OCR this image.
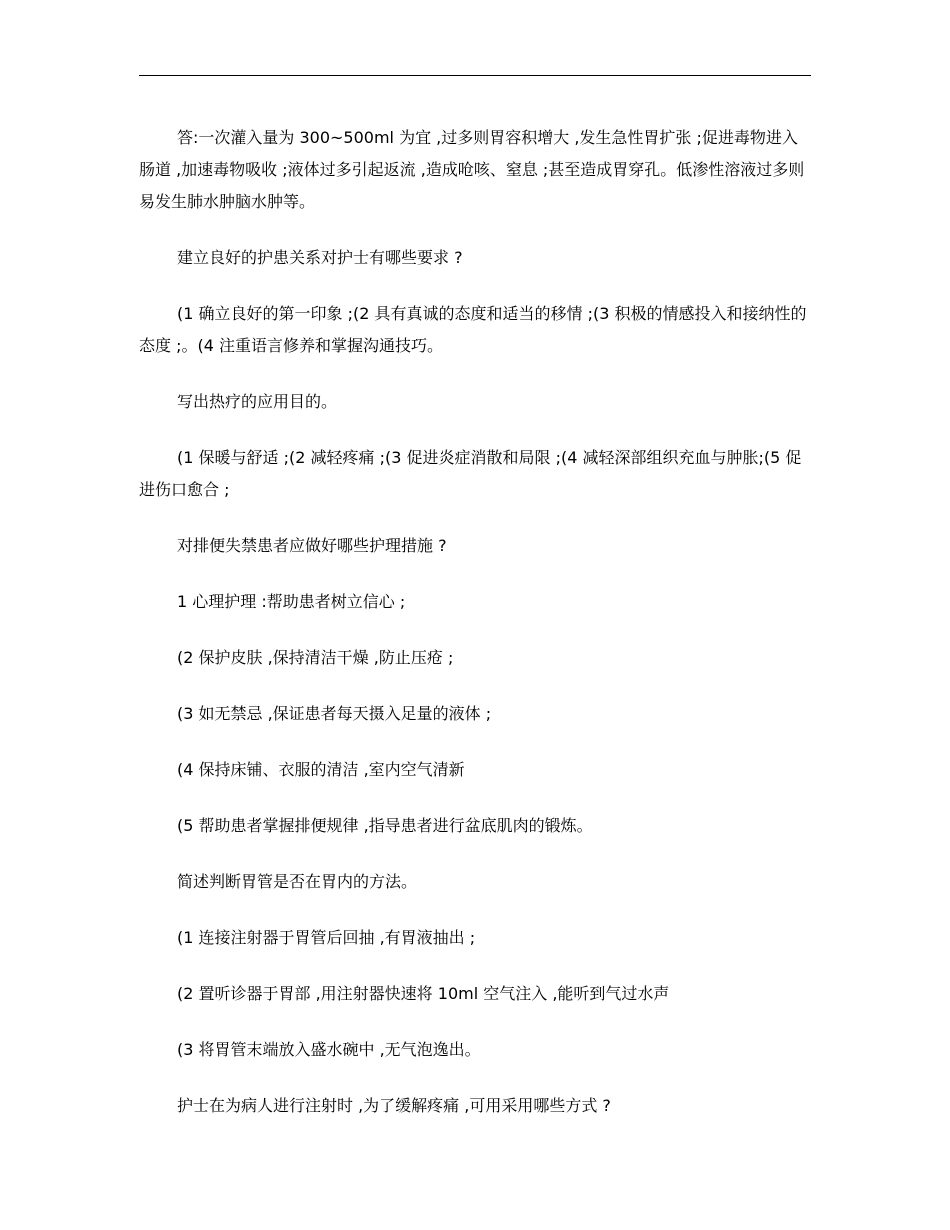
答:一次灌入量为 300~500ml 为宜 ,过多则胃容积增大 ,发生急性胃扩张 ;促进毒物进入肠道 ,加速毒物吸收 ;液体过多引起返流 ,造成呛咳、窒息 ;甚至造成胃穿孔。低渗性溶液过多则易发生肺水肿脑水肿等。

建立良好的护患关系对护士有哪些要求 ?

(1 确立良好的第一印象 ;(2 具有真诚的态度和适当的移情 ;(3 积极的情感投入和接纳性的态度 ;。(4 注重语言修养和掌握沟通技巧。

写出热疗的应用目的。

(1 保暖与舒适 ;(2 减轻疼痛 ;(3 促进炎症消散和局限 ;(4 减轻深部组织充血与肿胀;(5 促进伤口愈合 ;

对排便失禁患者应做好哪些护理措施 ?

1 心理护理 :帮助患者树立信心 ;

(2 保护皮肤 ,保持清洁干燥 ,防止压疮 ;

(3 如无禁忌 ,保证患者每天摄入足量的液体 ;

(4 保持床铺、衣服的清洁 ,室内空气清新

(5 帮助患者掌握排便规律 ,指导患者进行盆底肌肉的锻炼。

简述判断胃管是否在胃内的方法。

(1 连接注射器于胃管后回抽 ,有胃液抽出 ;

(2 置听诊器于胃部 ,用注射器快速将 10ml 空气注入 ,能听到气过水声

(3 将胃管末端放入盛水碗中 ,无气泡逸出。

护士在为病人进行注射时 ,为了缓解疼痛 ,可用采用哪些方式 ?
